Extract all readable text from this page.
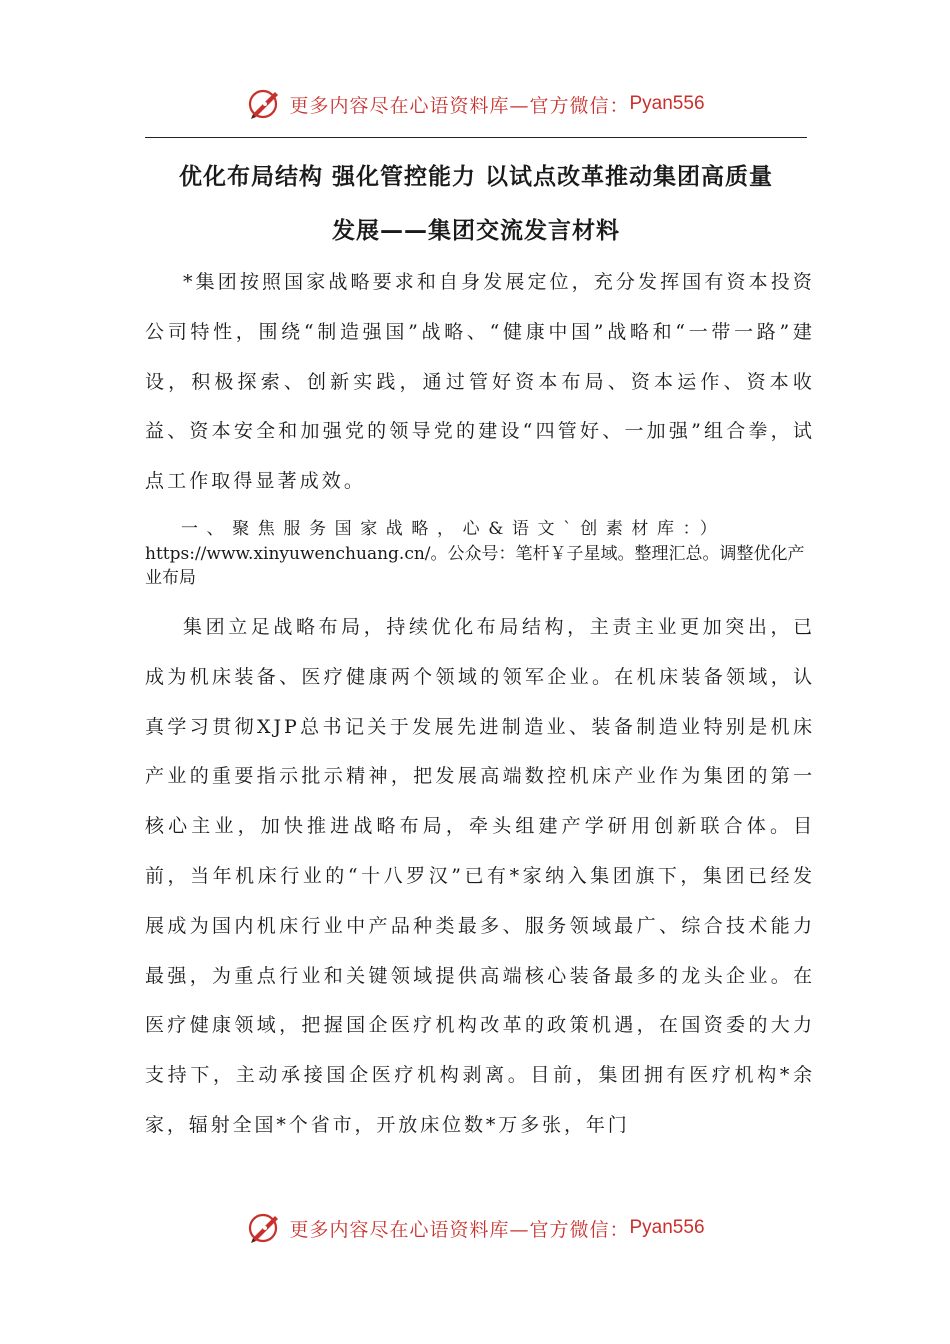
更多内容尽在心语资料库—官方微信： Pyan556
优化布局结构 强化管控能力 以试点改革推动集团高质量
发展——集团交流发言材料

*集团按照国家战略要求和自身发展定位，充分发挥国有资本投资公司特性，围绕“制造强国”战略、“健康中国”战略和“一带一路”建设，积极探索、创新实践，通过管好资本布局、资本运作、资本收益、资本安全和加强党的领导党的建设“四管好、一加强”组合拳，试点工作取得显著成效。

一、聚焦服务国家战略，心&语文`创素材库：）https://www.xinyuwenchuang.cn/。公众号：笔杆￥子星域。整理汇总。调整优化产业布局

集团立足战略布局，持续优化布局结构，主责主业更加突出，已成为机床装备、医疗健康两个领域的领军企业。在机床装备领域，认真学习贯彻XJP总书记关于发展先进制造业、装备制造业特别是机床产业的重要指示批示精神，把发展高端数控机床产业作为集团的第一核心主业，加快推进战略布局，牵头组建产学研用创新联合体。目前，当年机床行业的“十八罗汉”已有*家纳入集团旗下，集团已经发展成为国内机床行业中产品种类最多、服务领域最广、综合技术能力最强，为重点行业和关键领域提供高端核心装备最多的龙头企业。在医疗健康领域，把握国企医疗机构改革的政策机遇，在国资委的大力支持下，主动承接国企医疗机构剥离。目前，集团拥有医疗机构*余家，辐射全国*个省市，开放床位数*万多张，年门

更多内容尽在心语资料库—官方微信： Pyan556
